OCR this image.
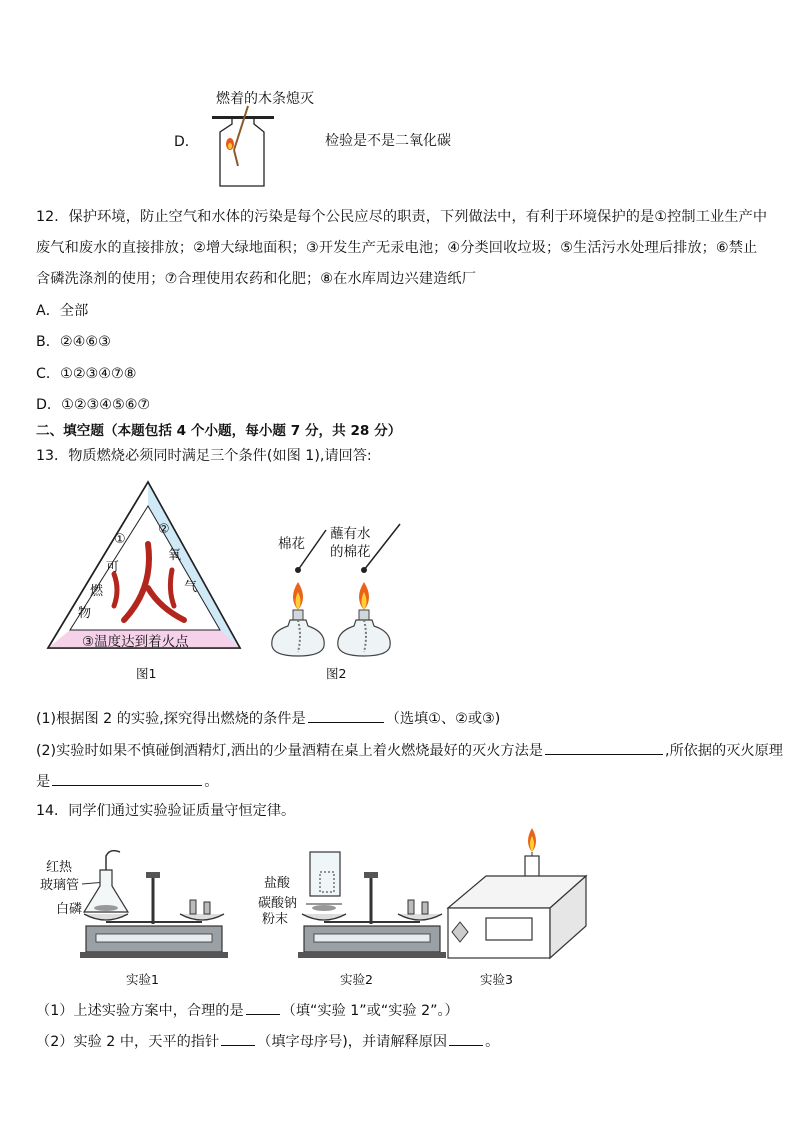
D．
燃着的木条熄灭
检验是不是二氧化碳
12．保护环境，防止空气和水体的污染是每个公民应尽的职责，下列做法中，有利于环境保护的是①控制工业生产中
废气和废水的直接排放；②增大绿地面积；③开发生产无汞电池；④分类回收垃圾；⑤生活污水处理后排放；⑥禁止
含磷洗涤剂的使用；⑦合理使用农药和化肥；⑧在水库周边兴建造纸厂
A．全部
B．②④⑥③
C．①②③④⑦⑧
D．①②③④⑤⑥⑦
二、填空题（本题包括 4 个小题，每小题 7 分，共 28 分）
13．物质燃烧必须同时满足三个条件(如图 1),请回答:
①
可
燃
物
②
氧
气
③温度达到着火点
图1
棉花
蘸有水
的棉花
图2
(1)根据图 2 的实验,探究得出燃烧的条件是	（选填①、②或③)
(2)实验时如果不慎碰倒酒精灯,洒出的少量酒精在桌上着火燃烧最好的灭火方法是	,所依据的灭火原理
是	。
14．同学们通过实验验证质量守恒定律。
红热
玻璃管
白磷
实验1
盐酸
碳酸钠
粉末
实验2	实验3
（1）上述实验方案中，合理的是	（填“实验 1”或“实验 2”。）
（2）实验 2 中，天平的指针	（填字母序号)，并请解释原因	。
